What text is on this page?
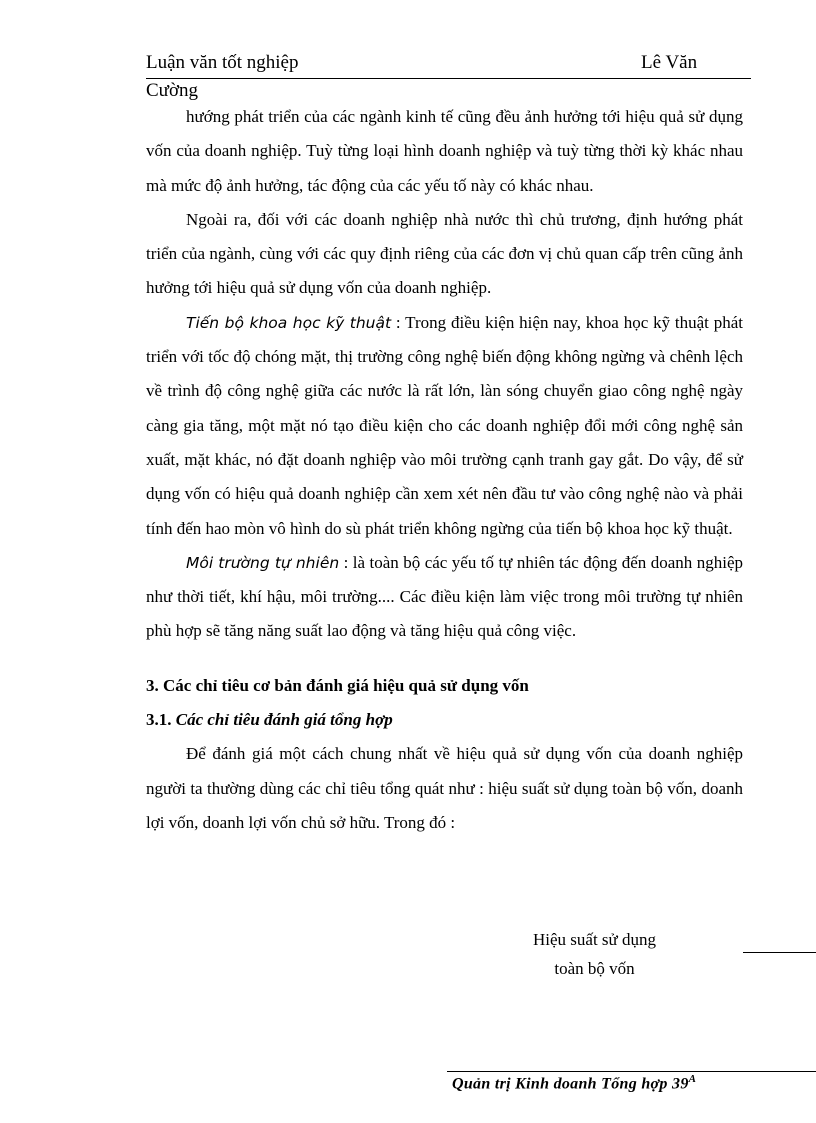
Luận văn tốt nghiệp	Lê Văn
Cường

hướng phát triển của các ngành kinh tế cũng đều ảnh hưởng tới hiệu quả sử dụng vốn của doanh nghiệp. Tuỳ từng loại hình doanh nghiệp và tuỳ từng thời kỳ khác nhau mà mức độ ảnh hưởng, tác động của các yếu tố này có khác nhau.

Ngoài ra, đối với các doanh nghiệp nhà nước thì chủ trương, định hướng phát triển của ngành, cùng với các quy định riêng của các đơn vị chủ quan cấp trên cũng ảnh hưởng tới hiệu quả sử dụng vốn của doanh nghiệp.

Tiến bộ khoa học kỹ thuật : Trong điều kiện hiện nay, khoa học kỹ thuật phát triển với tốc độ chóng mặt, thị trường công nghệ biến động không ngừng và chênh lệch về trình độ công nghệ giữa các nước là rất lớn, làn sóng chuyển giao công nghệ ngày càng gia tăng, một mặt nó tạo điều kiện cho các doanh nghiệp đổi mới công nghệ sản xuất, mặt khác, nó đặt doanh nghiệp vào môi trường cạnh tranh gay gắt. Do vậy, để sử dụng vốn có hiệu quả doanh nghiệp cần xem xét nên đầu tư vào công nghệ nào và phải tính đến hao mòn vô hình do sù phát triển không ngừng của tiến bộ khoa học kỹ thuật.

Môi trường tự nhiên : là toàn bộ các yếu tố tự nhiên tác động đến doanh nghiệp như thời tiết, khí hậu, môi trường.... Các điều kiện làm việc trong môi trường tự nhiên phù hợp sẽ tăng năng suất lao động và tăng hiệu quả công việc.

3. Các chỉ tiêu cơ bản đánh giá hiệu quả sử dụng vốn

3.1. Các chỉ tiêu đánh giá tổng hợp

Để đánh giá một cách chung nhất về hiệu quả sử dụng vốn của doanh nghiệp người ta thường dùng các chỉ tiêu tổng quát như : hiệu suất sử dụng toàn bộ vốn, doanh lợi vốn, doanh lợi vốn chủ sở hữu. Trong đó :

Hiệu suất sử dụng
toàn bộ vốn
Quản trị Kinh doanh Tổng hợp $39^A$
